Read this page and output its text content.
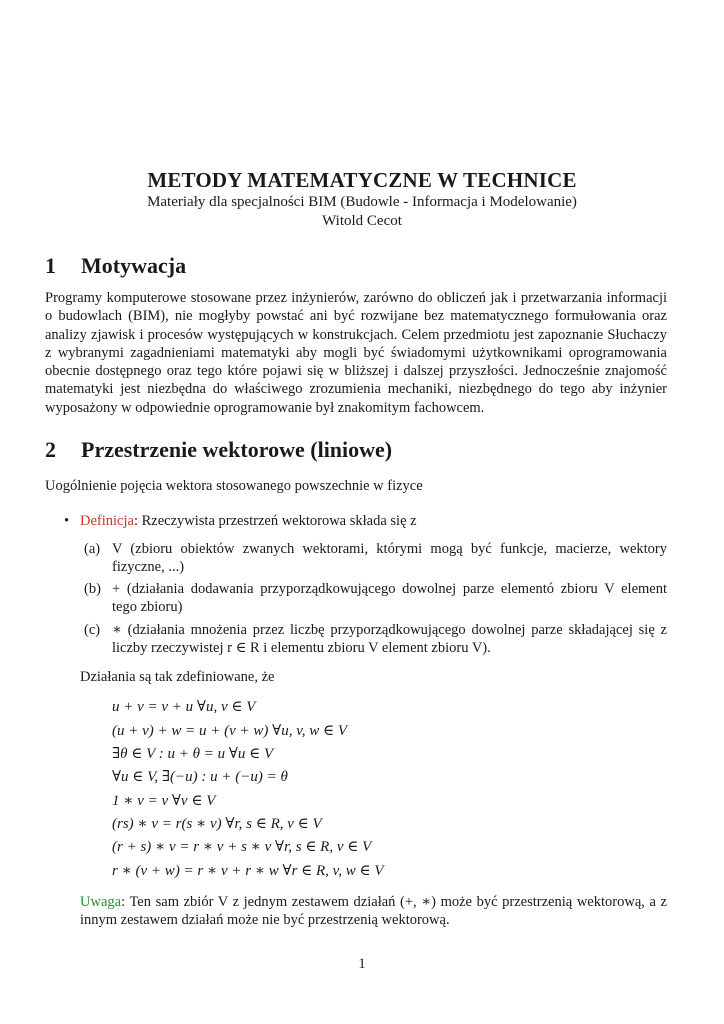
METODY MATEMATYCZNE W TECHNICE
Materiały dla specjalności BIM (Budowle - Informacja i Modelowanie)
Witold Cecot
1 Motywacja
Programy komputerowe stosowane przez inżynierów, zarówno do obliczeń jak i przetwarzania informacji o budowlach (BIM), nie mogłyby powstać ani być rozwijane bez matematycznego formułowania oraz analizy zjawisk i procesów występujących w konstrukcjach. Celem przedmiotu jest zapoznanie Słuchaczy z wybranymi zagadnieniami matematyki aby mogli być świadomymi użytkownikami oprogramowania obecnie dostępnego oraz tego które pojawi się w bliższej i dalszej przyszłości. Jednocześnie znajomość matematyki jest niezbędna do właściwego zrozumienia mechaniki, niezbędnego do tego aby inżynier wyposażony w odpowiednie oprogramowanie był znakomitym fachowcem.
2 Przestrzenie wektorowe (liniowe)
Uogólnienie pojęcia wektora stosowanego powszechnie w fizyce
• Definicja: Rzeczywista przestrzeń wektorowa składa się z
(a) V (zbioru obiektów zwanych wektorami, którymi mogą być funkcje, macierze, wektory fizyczne, ...)
(b) + (działania dodawania przyporządkowującego dowolnej parze elementó zbioru V element tego zbioru)
(c) ∗ (działania mnożenia przez liczbę przyporządkowującego dowolnej parze składającej się z liczby rzeczywistej r ∈ R i elementu zbioru V element zbioru V).
Działania są tak zdefiniowane, że
u + v = v + u ∀u, v ∈ V
(u + v) + w = u + (v + w) ∀u, v, w ∈ V
∃θ ∈ V : u + θ = u ∀u ∈ V
∀u ∈ V, ∃(−u) : u + (−u) = θ
1 ∗ v = v ∀v ∈ V
(rs) ∗ v = r(s ∗ v) ∀r, s ∈ R, v ∈ V
(r + s) ∗ v = r ∗ v + s ∗ v ∀r, s ∈ R, v ∈ V
r ∗ (v + w) = r ∗ v + r ∗ w ∀r ∈ R, v, w ∈ V
Uwaga: Ten sam zbiór V z jednym zestawem działań (+, ∗) może być przestrzenią wektorową, a z innym zestawem działań może nie być przestrzenią wektorową.
1
